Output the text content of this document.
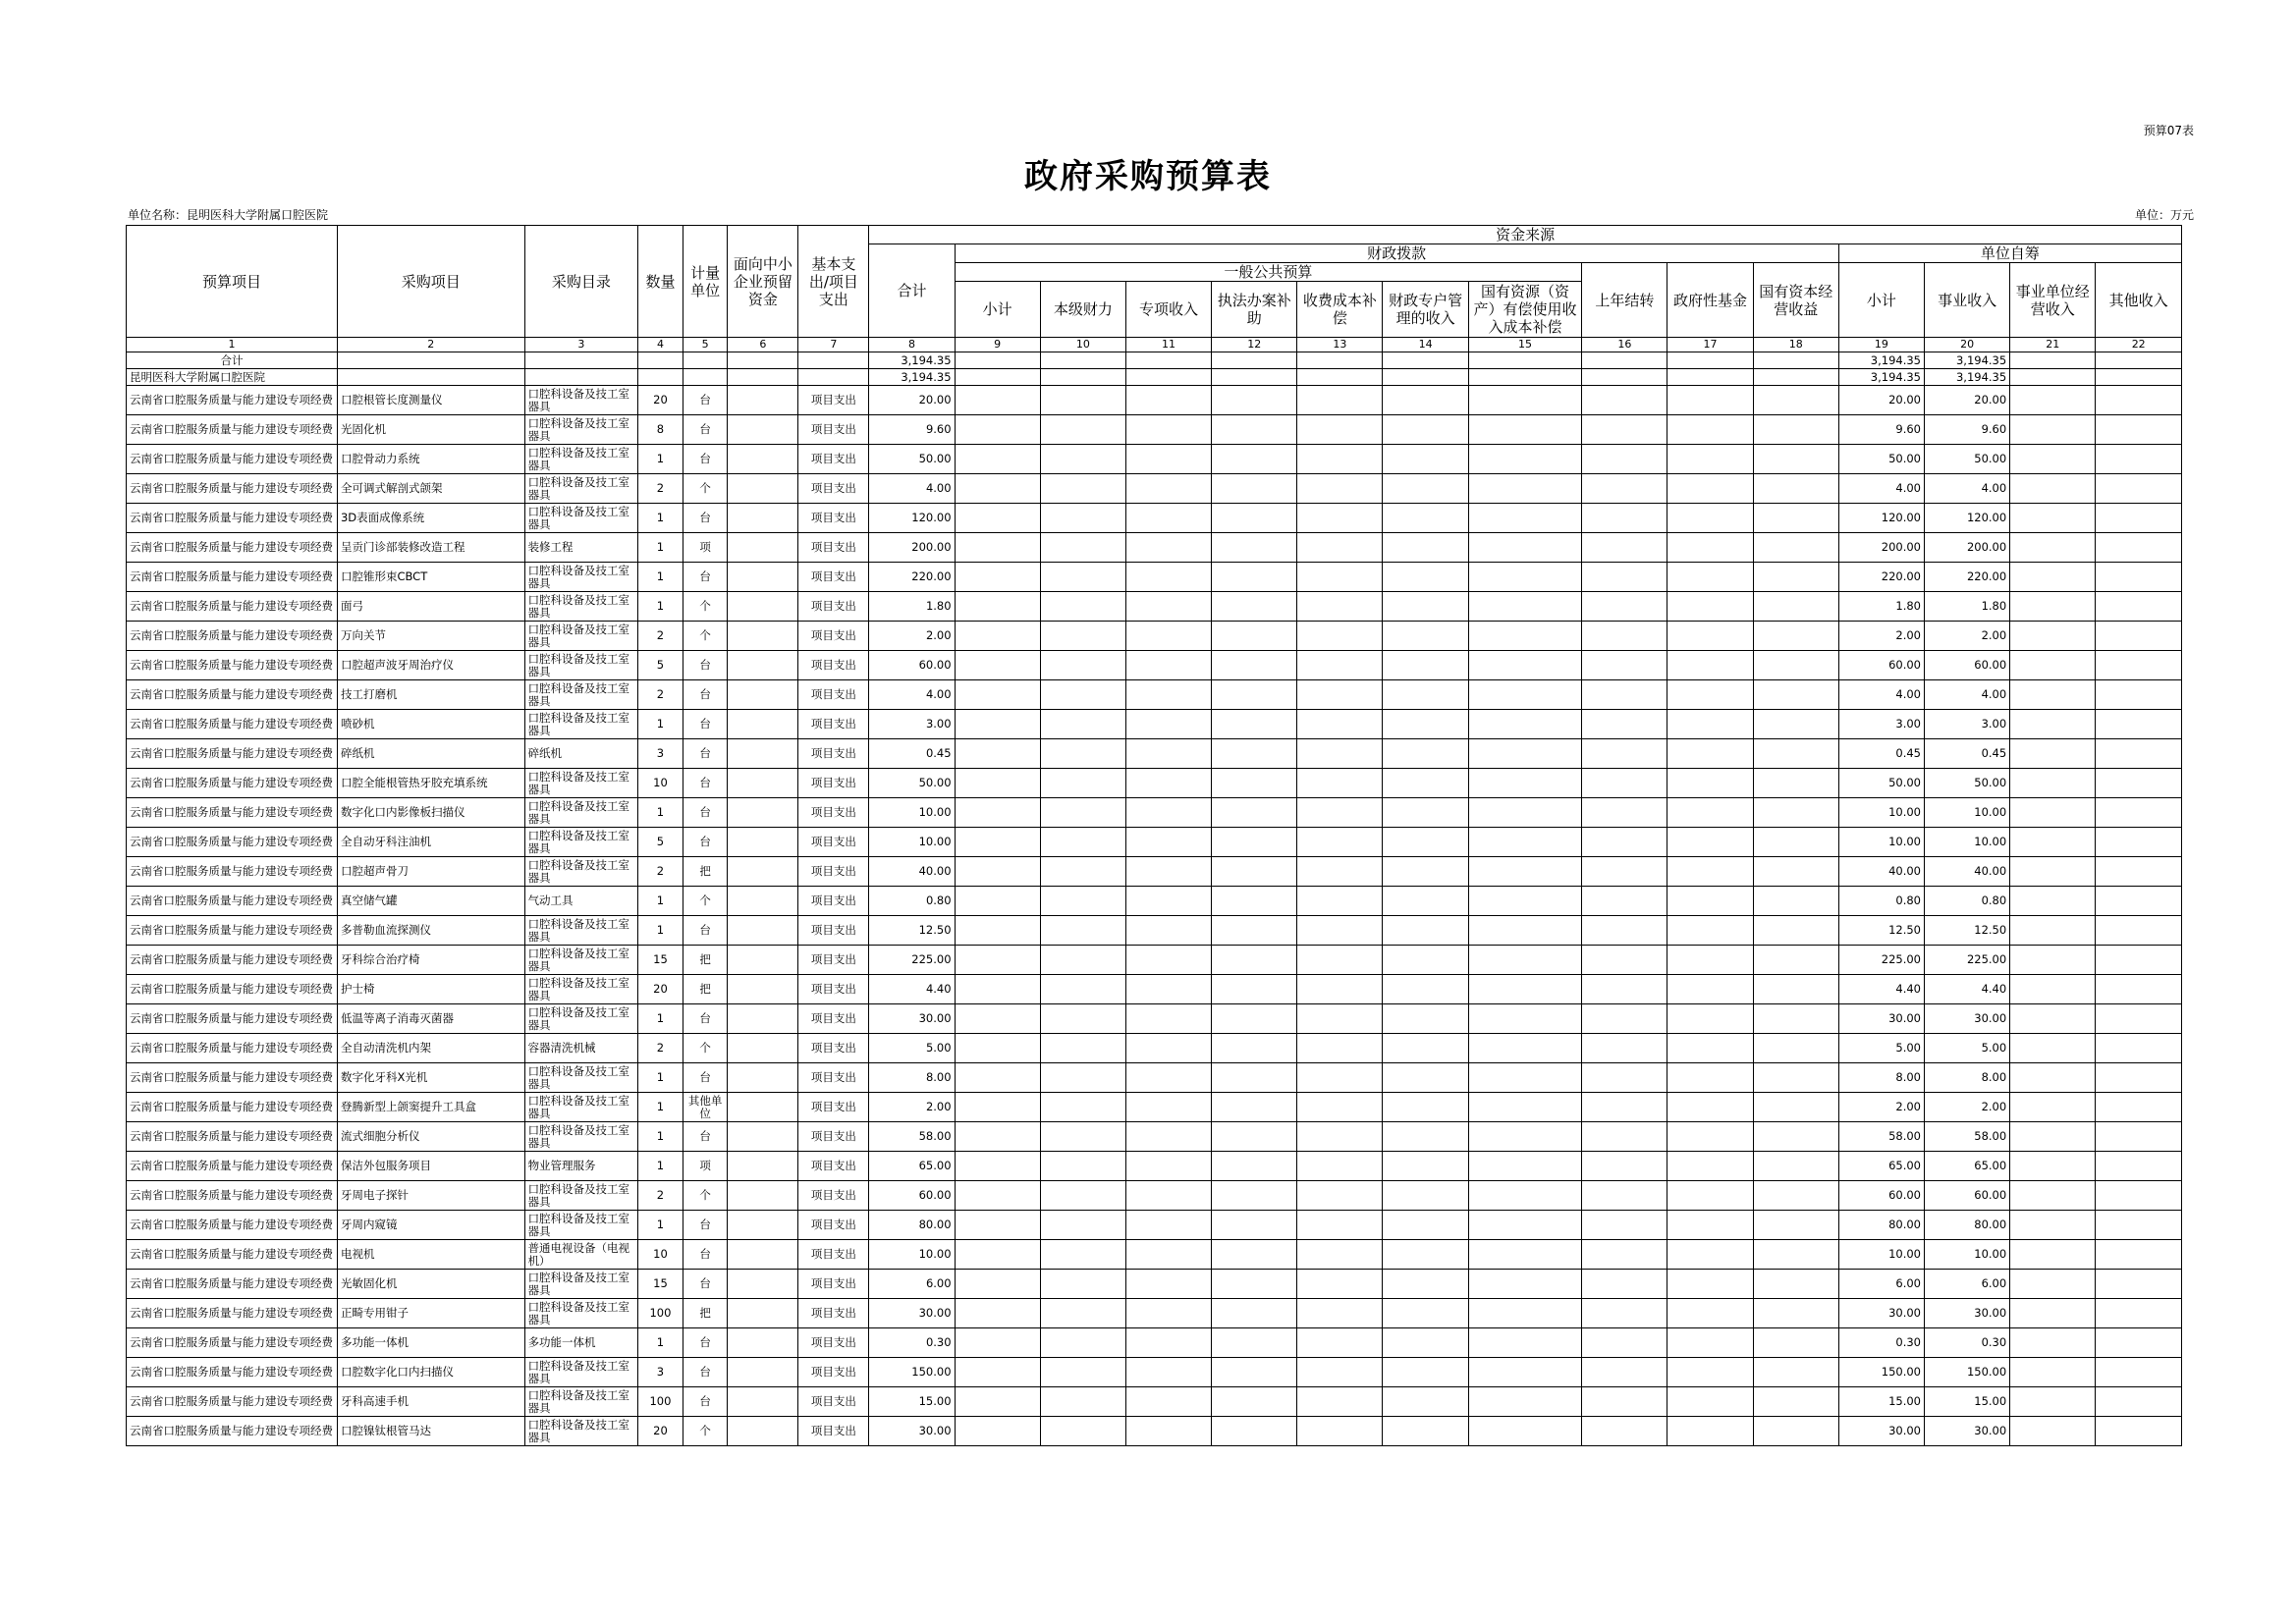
预算07表
政府采购预算表
单位名称：昆明医科大学附属口腔医院	单位：万元
预算项目	采购项目	采购目录	数量	计量单位	面向中小企业预留资金	基本支出/项目支出	资金来源														
							合计	财政拨款										单位自筹			
								一般公共预算							上年结转	政府性基金	国有资本经营收益	小计	事业收入	事业单位经营收入	其他收入
								小计	本级财力	专项收入	执法办案补助	收费成本补偿	财政专户管理的收入	国有资源（资产）有偿使用收入成本补偿							
1	2	3	4	5	6	7	8	9	10	11	12	13	14	15	16	17	18	19	20	21	22
合计							3,194.35											3,194.35	3,194.35		
昆明医科大学附属口腔医院							3,194.35											3,194.35	3,194.35		
云南省口腔服务质量与能力建设专项经费	口腔根管长度测量仪	口腔科设备及技工室器具	20	台		项目支出	20.00											20.00	20.00		
云南省口腔服务质量与能力建设专项经费	光固化机	口腔科设备及技工室器具	8	台		项目支出	9.60											9.60	9.60		
云南省口腔服务质量与能力建设专项经费	口腔骨动力系统	口腔科设备及技工室器具	1	台		项目支出	50.00											50.00	50.00		
云南省口腔服务质量与能力建设专项经费	全可调式解剖式颌架	口腔科设备及技工室器具	2	个		项目支出	4.00											4.00	4.00		
云南省口腔服务质量与能力建设专项经费	3D表面成像系统	口腔科设备及技工室器具	1	台		项目支出	120.00											120.00	120.00		
云南省口腔服务质量与能力建设专项经费	呈贡门诊部装修改造工程	装修工程	1	项		项目支出	200.00											200.00	200.00		
云南省口腔服务质量与能力建设专项经费	口腔锥形束CBCT	口腔科设备及技工室器具	1	台		项目支出	220.00											220.00	220.00		
云南省口腔服务质量与能力建设专项经费	面弓	口腔科设备及技工室器具	1	个		项目支出	1.80											1.80	1.80		
云南省口腔服务质量与能力建设专项经费	万向关节	口腔科设备及技工室器具	2	个		项目支出	2.00											2.00	2.00		
云南省口腔服务质量与能力建设专项经费	口腔超声波牙周治疗仪	口腔科设备及技工室器具	5	台		项目支出	60.00											60.00	60.00		
云南省口腔服务质量与能力建设专项经费	技工打磨机	口腔科设备及技工室器具	2	台		项目支出	4.00											4.00	4.00		
云南省口腔服务质量与能力建设专项经费	喷砂机	口腔科设备及技工室器具	1	台		项目支出	3.00											3.00	3.00		
云南省口腔服务质量与能力建设专项经费	碎纸机	碎纸机	3	台		项目支出	0.45											0.45	0.45		
云南省口腔服务质量与能力建设专项经费	口腔全能根管热牙胶充填系统	口腔科设备及技工室器具	10	台		项目支出	50.00											50.00	50.00		
云南省口腔服务质量与能力建设专项经费	数字化口内影像板扫描仪	口腔科设备及技工室器具	1	台		项目支出	10.00											10.00	10.00		
云南省口腔服务质量与能力建设专项经费	全自动牙科注油机	口腔科设备及技工室器具	5	台		项目支出	10.00											10.00	10.00		
云南省口腔服务质量与能力建设专项经费	口腔超声骨刀	口腔科设备及技工室器具	2	把		项目支出	40.00											40.00	40.00		
云南省口腔服务质量与能力建设专项经费	真空储气罐	气动工具	1	个		项目支出	0.80											0.80	0.80		
云南省口腔服务质量与能力建设专项经费	多普勒血流探测仪	口腔科设备及技工室器具	1	台		项目支出	12.50											12.50	12.50		
云南省口腔服务质量与能力建设专项经费	牙科综合治疗椅	口腔科设备及技工室器具	15	把		项目支出	225.00											225.00	225.00		
云南省口腔服务质量与能力建设专项经费	护士椅	口腔科设备及技工室器具	20	把		项目支出	4.40											4.40	4.40		
云南省口腔服务质量与能力建设专项经费	低温等离子消毒灭菌器	口腔科设备及技工室器具	1	台		项目支出	30.00											30.00	30.00		
云南省口腔服务质量与能力建设专项经费	全自动清洗机内架	容器清洗机械	2	个		项目支出	5.00											5.00	5.00		
云南省口腔服务质量与能力建设专项经费	数字化牙科X光机	口腔科设备及技工室器具	1	台		项目支出	8.00											8.00	8.00		
云南省口腔服务质量与能力建设专项经费	登腾新型上颌窦提升工具盒	口腔科设备及技工室器具	1	其他单位		项目支出	2.00											2.00	2.00		
云南省口腔服务质量与能力建设专项经费	流式细胞分析仪	口腔科设备及技工室器具	1	台		项目支出	58.00											58.00	58.00		
云南省口腔服务质量与能力建设专项经费	保洁外包服务项目	物业管理服务	1	项		项目支出	65.00											65.00	65.00		
云南省口腔服务质量与能力建设专项经费	牙周电子探针	口腔科设备及技工室器具	2	个		项目支出	60.00											60.00	60.00		
云南省口腔服务质量与能力建设专项经费	牙周内窥镜	口腔科设备及技工室器具	1	台		项目支出	80.00											80.00	80.00		
云南省口腔服务质量与能力建设专项经费	电视机	普通电视设备（电视机）	10	台		项目支出	10.00											10.00	10.00		
云南省口腔服务质量与能力建设专项经费	光敏固化机	口腔科设备及技工室器具	15	台		项目支出	6.00											6.00	6.00		
云南省口腔服务质量与能力建设专项经费	正畸专用钳子	口腔科设备及技工室器具	100	把		项目支出	30.00											30.00	30.00		
云南省口腔服务质量与能力建设专项经费	多功能一体机	多功能一体机	1	台		项目支出	0.30											0.30	0.30		
云南省口腔服务质量与能力建设专项经费	口腔数字化口内扫描仪	口腔科设备及技工室器具	3	台		项目支出	150.00											150.00	150.00		
云南省口腔服务质量与能力建设专项经费	牙科高速手机	口腔科设备及技工室器具	100	台		项目支出	15.00											15.00	15.00		
云南省口腔服务质量与能力建设专项经费	口腔镍钛根管马达	口腔科设备及技工室器具	20	个		项目支出	30.00											30.00	30.00		
